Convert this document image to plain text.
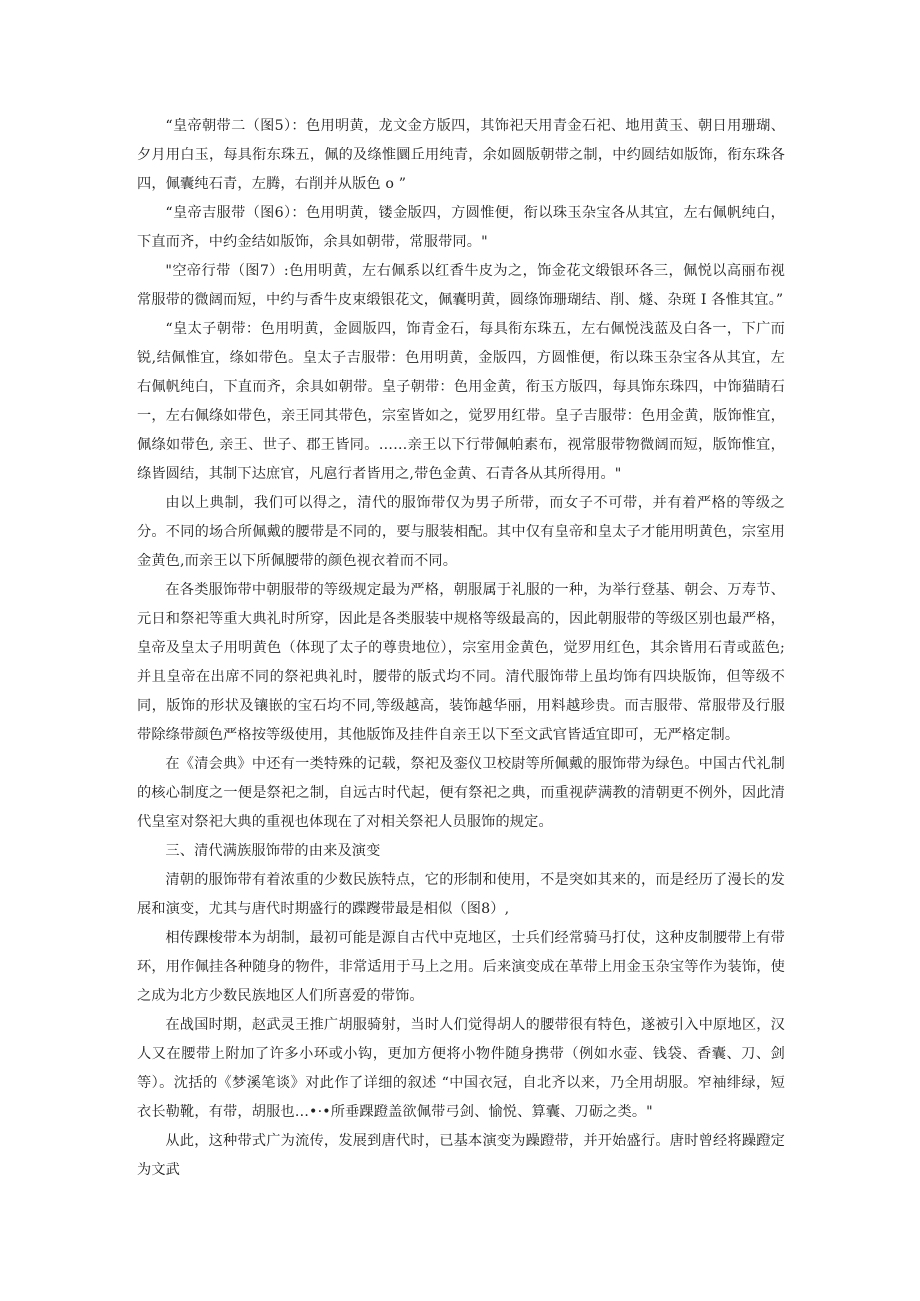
“皇帝朝带二（图5）：色用明黄，龙文金方版四，其饰祀天用青金石祀、地用黄玉、朝日用珊瑚、夕月用白玉，每具衔东珠五，佩的及绦惟圜丘用纯青，余如圆版朝带之制，中约圆结如版饰，衔东珠各四，佩囊纯石青，左腾，右削并从版色 o ”

“皇帝吉服带（图6）：色用明黄，镂金版四，方圆惟便，衔以珠玉杂宝各从其宜，左右佩帆纯白，下直而齐，中约金结如版饰，余具如朝带，常服带同。"

"空帝行带（图7）:色用明黄，左右佩系以红香牛皮为之，饰金花文缎银环各三，佩悦以高丽布视常服带的微阔而短，中约与香牛皮束缎银花文，佩囊明黄，圆绦饰珊瑚结、削、燧、杂斑 I 各惟其宜。”

“皇太子朝带：色用明黄，金圆版四，饰青金石，每具衔东珠五，左右佩悦浅蓝及白各一，下广而锐,结佩惟宜，绦如带色。皇太子吉服带：色用明黄，金版四，方圆惟便，衔以珠玉杂宝各从其宜，左右佩帆纯白，下直而齐，余具如朝带。皇子朝带：色用金黄，衔玉方版四，每具饰东珠四，中饰猫睛石一，左右佩绦如带色，亲王同其带色，宗室皆如之，觉罗用红带。皇子吉服带：色用金黄，版饰惟宜，佩绦如带色, 亲王、世子、郡王皆同。……亲王以下行带佩帕素布，视常服带物微阔而短，版饰惟宜，绦皆圆结，其制下达庶官，凡扈行者皆用之,带色金黄、石青各从其所得用。"

由以上典制，我们可以得之，清代的服饰带仅为男子所带，而女子不可带，并有着严格的等级之分。不同的场合所佩戴的腰带是不同的，要与服装相配。其中仅有皇帝和皇太子才能用明黄色，宗室用金黄色,而亲王以下所佩腰带的颜色视衣着而不同。

在各类服饰带中朝服带的等级规定最为严格，朝服属于礼服的一种，为举行登基、朝会、万寿节、元日和祭祀等重大典礼时所穿，因此是各类服装中规格等级最高的，因此朝服带的等级区别也最严格，皇帝及皇太子用明黄色（体现了太子的尊贵地位），宗室用金黄色，觉罗用红色，其余皆用石青或蓝色;并且皇帝在出席不同的祭祀典礼时，腰带的版式均不同。清代服饰带上虽均饰有四块版饰，但等级不同，版饰的形状及镶嵌的宝石均不同,等级越高，装饰越华丽，用料越珍贵。而吉服带、常服带及行服带除绦带颜色严格按等级使用，其他版饰及挂件自亲王以下至文武官皆适宜即可，无严格定制。

在《清会典》中还有一类特殊的记载，祭祀及銮仪卫校尉等所佩戴的服饰带为绿色。中国古代礼制的核心制度之一便是祭祀之制，自远古时代起，便有祭祀之典，而重视萨满教的清朝更不例外，因此清代皇室对祭祀大典的重视也体现在了对相关祭祀人员服饰的规定。

三、清代满族服饰带的由来及演变

清朝的服饰带有着浓重的少数民族特点，它的形制和使用，不是突如其来的，而是经历了漫长的发展和演变，尤其与唐代时期盛行的蹀躞带最是相似（图8）,

相传踝梭带本为胡制，最初可能是源自古代中克地区，士兵们经常骑马打仗，这种皮制腰带上有带环，用作佩挂各种随身的物件，非常适用于马上之用。后来演变成在革带上用金玉杂宝等作为装饰，使之成为北方少数民族地区人们所喜爱的带饰。

在战国时期，赵武灵王推广胡服骑射，当时人们觉得胡人的腰带很有特色，遂被引入中原地区，汉人又在腰带上附加了许多小环或小钩，更加方便将小物件随身携带（例如水壶、钱袋、香囊、刀、剑等）。沈括的《梦溪笔谈》对此作了详细的叙述 “中国衣冠，自北齐以来，乃全用胡服。窄袖绯绿，短衣长勒靴，有带，胡服也…•·•所垂踝蹬盖欲佩带弓剑、愉悦、算囊、刀砺之类。"

从此，这种带式广为流传，发展到唐代时，已基本演变为躁蹬带，并开始盛行。唐时曾经将躁蹬定为文武
